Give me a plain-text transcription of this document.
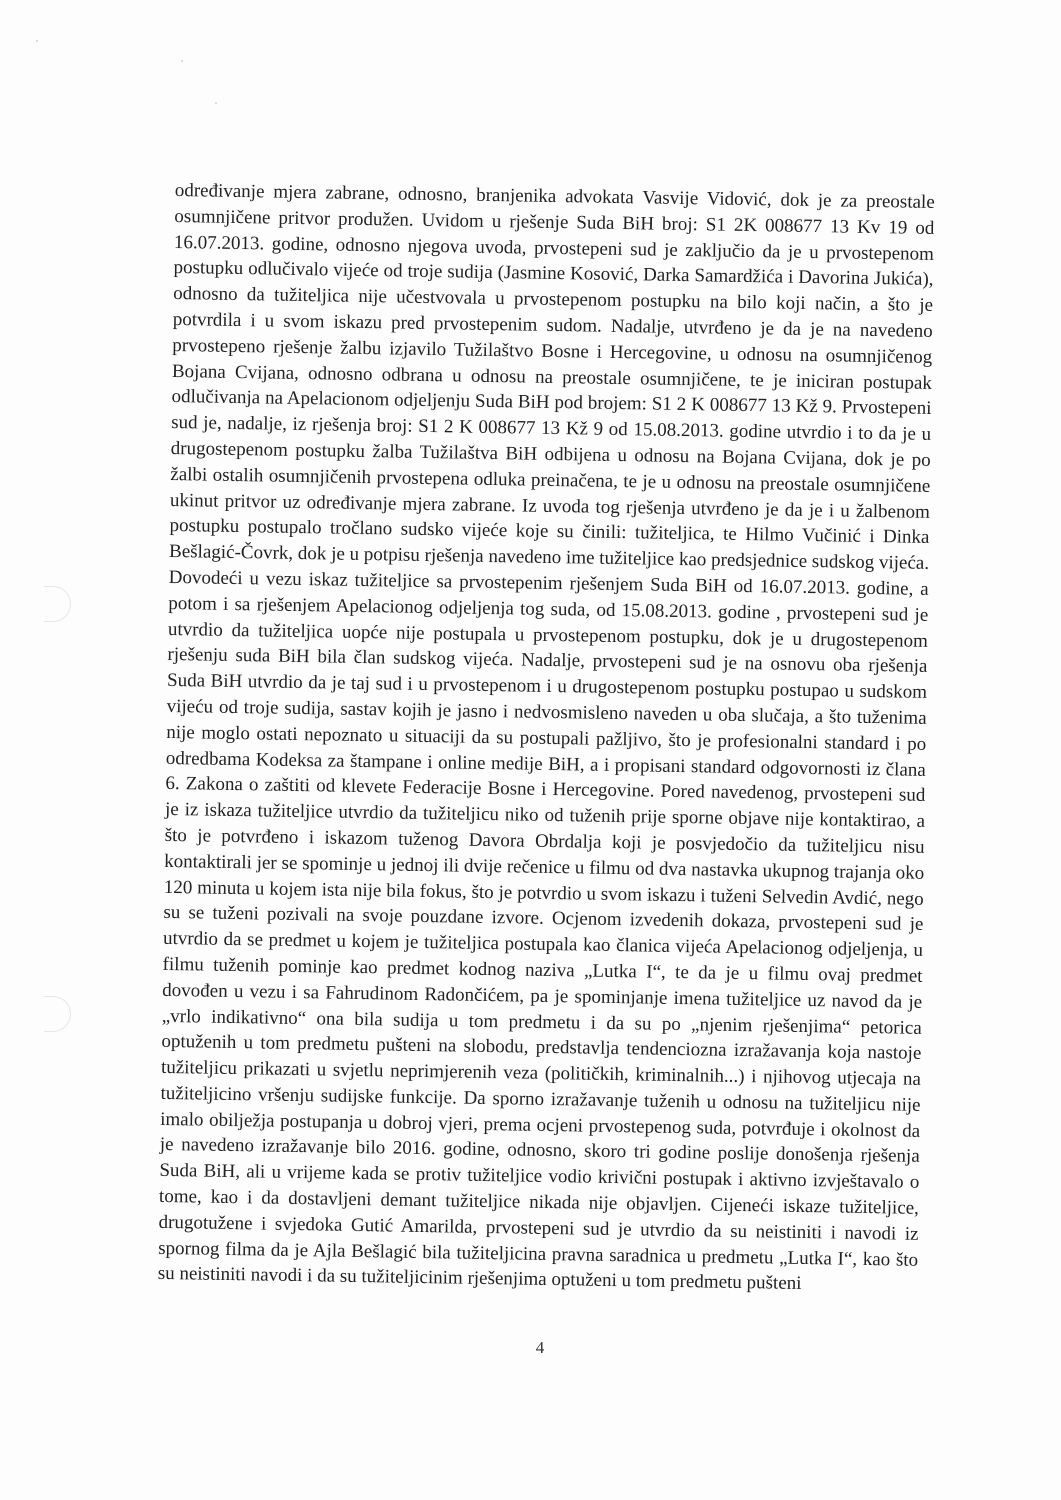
određivanje mjera zabrane, odnosno, branjenika advokata Vasvije Vidović, dok je za preostale osumnjičene pritvor produžen. Uvidom u rješenje Suda BiH broj: S1 2K 008677 13 Kv 19 od 16.07.2013. godine, odnosno njegova uvoda, prvostepeni sud je zaključio da je u prvostepenom postupku odlučivalo vijeće od troje sudija (Jasmine Kosović, Darka Samardžića i Davorina Jukića), odnosno da tužiteljica nije učestvovala u prvostepenom postupku na bilo koji način, a što je potvrdila i u svom iskazu pred prvostepenim sudom. Nadalje, utvrđeno je da je na navedeno prvostepeno rješenje žalbu izjavilo Tužilaštvo Bosne i Hercegovine, u odnosu na osumnjičenog Bojana Cvijana, odnosno odbrana u odnosu na preostale osumnjičene, te je iniciran postupak odlučivanja na Apelacionom odjeljenju Suda BiH pod brojem: S1 2 K 008677 13 Kž 9. Prvostepeni sud je, nadalje, iz rješenja broj: S1 2 K 008677 13 Kž 9 od 15.08.2013. godine utvrdio i to da je u drugostepenom postupku žalba Tužilaštva BiH odbijena u odnosu na Bojana Cvijana, dok je po žalbi ostalih osumnjičenih prvostepena odluka preinačena, te je u odnosu na preostale osumnjičene ukinut pritvor uz određivanje mjera zabrane. Iz uvoda tog rješenja utvrđeno je da je i u žalbenom postupku postupalo tročlano sudsko vijeće koje su činili: tužiteljica, te Hilmo Vučinić i Dinka Bešlagić-Čovrk, dok je u potpisu rješenja navedeno ime tužiteljice kao predsjednice sudskog vijeća. Dovodeći u vezu iskaz tužiteljice sa prvostepenim rješenjem Suda BiH od 16.07.2013. godine, a potom i sa rješenjem Apelacionog odjeljenja tog suda, od 15.08.2013. godine , prvostepeni sud je utvrdio da tužiteljica uopće nije postupala u prvostepenom postupku, dok je u drugostepenom rješenju suda BiH bila član sudskog vijeća. Nadalje, prvostepeni sud je na osnovu oba rješenja Suda BiH utvrdio da je taj sud i u prvostepenom i u drugostepenom postupku postupao u sudskom vijeću od troje sudija, sastav kojih je jasno i nedvosmisleno naveden u oba slučaja, a što tuženima nije moglo ostati nepoznato u situaciji da su postupali pažljivo, što je profesionalni standard i po odredbama Kodeksa za štampane i online medije BiH, a i propisani standard odgovornosti iz člana 6. Zakona o zaštiti od klevete Federacije Bosne i Hercegovine. Pored navedenog, prvostepeni sud je iz iskaza tužiteljice utvrdio da tužiteljicu niko od tuženih prije sporne objave nije kontaktirao, a što je potvrđeno i iskazom tuženog Davora Obrdalja koji je posvjedočio da tužiteljicu nisu kontaktirali jer se spominje u jednoj ili dvije rečenice u filmu od dva nastavka ukupnog trajanja oko 120 minuta u kojem ista nije bila fokus, što je potvrdio u svom iskazu i tuženi Selvedin Avdić, nego su se tuženi pozivali na svoje pouzdane izvore. Ocjenom izvedenih dokaza, prvostepeni sud je utvrdio da se predmet u kojem je tužiteljica postupala kao članica vijeća Apelacionog odjeljenja, u filmu tuženih pominje kao predmet kodnog naziva „Lutka I“, te da je u filmu ovaj predmet dovođen u vezu i sa Fahrudinom Radončićem, pa je spominjanje imena tužiteljice uz navod da je „vrlo indikativno“ ona bila sudija u tom predmetu i da su po „njenim rješenjima“ petorica optuženih u tom predmetu pušteni na slobodu, predstavlja tendenciozna izražavanja koja nastoje tužiteljicu prikazati u svjetlu neprimjerenih veza (političkih, kriminalnih...) i njihovog utjecaja na tužiteljicino vršenju sudijske funkcije. Da sporno izražavanje tuženih u odnosu na tužiteljicu nije imalo obilježja postupanja u dobroj vjeri, prema ocjeni prvostepenog suda, potvrđuje i okolnost da je navedeno izražavanje bilo 2016. godine, odnosno, skoro tri godine poslije donošenja rješenja Suda BiH, ali u vrijeme kada se protiv tužiteljice vodio krivični postupak i aktivno izvještavalo o tome, kao i da dostavljeni demant tužiteljice nikada nije objavljen. Cijeneći iskaze tužiteljice, drugotužene i svjedoka Gutić Amarilda, prvostepeni sud je utvrdio da su neistiniti i navodi iz spornog filma da je Ajla Bešlagić bila tužiteljicina pravna saradnica u predmetu „Lutka I“, kao što su neistiniti navodi i da su tužiteljicinim rješenjima optuženi u tom predmetu pušteni

4
